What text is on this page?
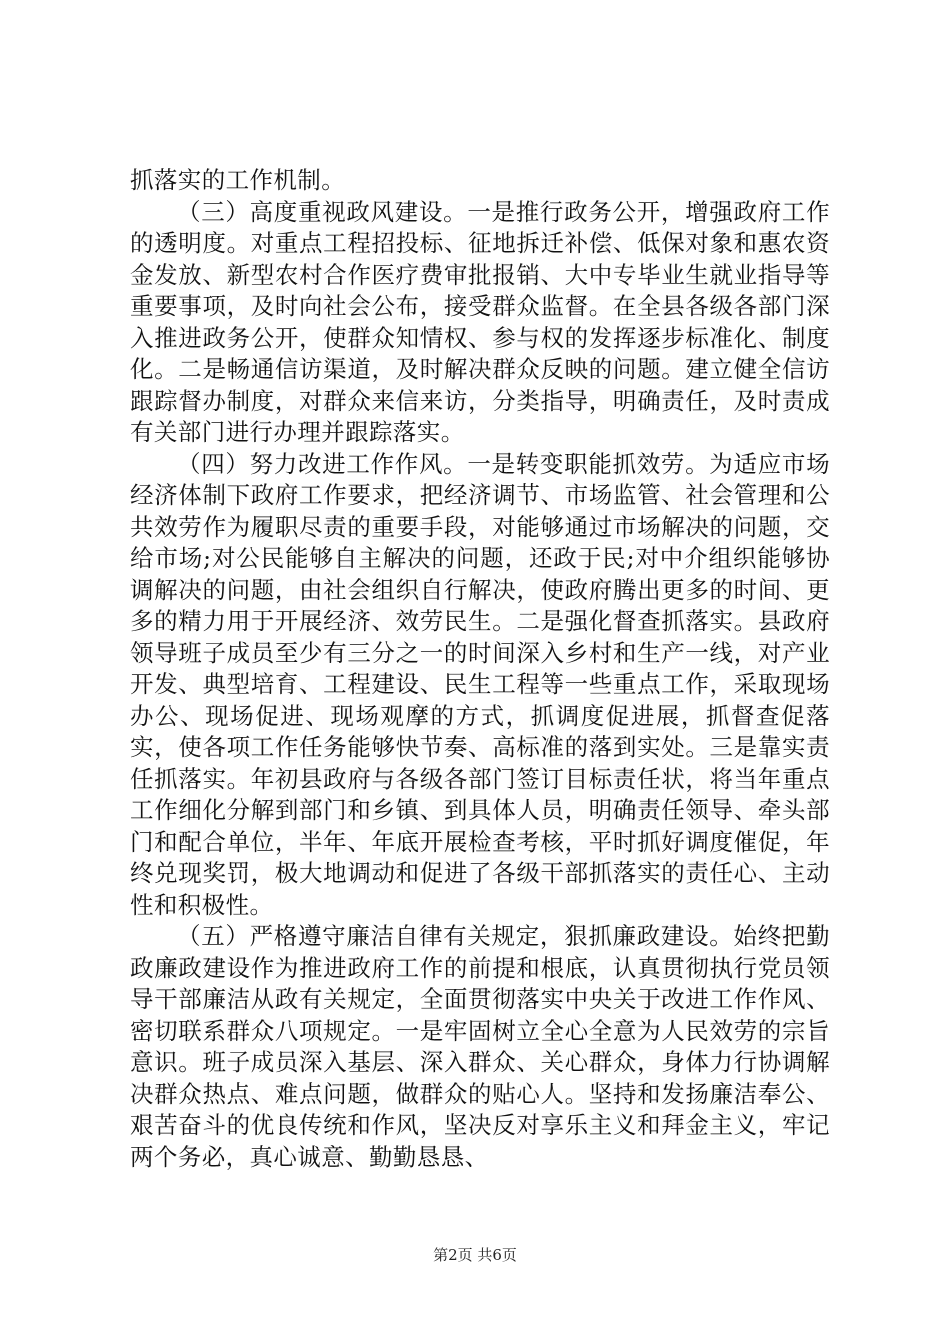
抓落实的工作机制。

（三）高度重视政风建设。一是推行政务公开，增强政府工作的透明度。对重点工程招投标、征地拆迁补偿、低保对象和惠农资金发放、新型农村合作医疗费审批报销、大中专毕业生就业指导等重要事项，及时向社会公布，接受群众监督。在全县各级各部门深入推进政务公开，使群众知情权、参与权的发挥逐步标准化、制度化。二是畅通信访渠道，及时解决群众反映的问题。建立健全信访跟踪督办制度，对群众来信来访，分类指导，明确责任，及时责成有关部门进行办理并跟踪落实。

（四）努力改进工作作风。一是转变职能抓效劳。为适应市场经济体制下政府工作要求，把经济调节、市场监管、社会管理和公共效劳作为履职尽责的重要手段，对能够通过市场解决的问题，交给市场;对公民能够自主解决的问题，还政于民;对中介组织能够协调解决的问题，由社会组织自行解决，使政府腾出更多的时间、更多的精力用于开展经济、效劳民生。二是强化督查抓落实。县政府领导班子成员至少有三分之一的时间深入乡村和生产一线，对产业开发、典型培育、工程建设、民生工程等一些重点工作，采取现场办公、现场促进、现场观摩的方式，抓调度促进展，抓督查促落实，使各项工作任务能够快节奏、高标准的落到实处。三是靠实责任抓落实。年初县政府与各级各部门签订目标责任状，将当年重点工作细化分解到部门和乡镇、到具体人员，明确责任领导、牵头部门和配合单位，半年、年底开展检查考核，平时抓好调度催促，年终兑现奖罚，极大地调动和促进了各级干部抓落实的责任心、主动性和积极性。

（五）严格遵守廉洁自律有关规定，狠抓廉政建设。始终把勤政廉政建设作为推进政府工作的前提和根底，认真贯彻执行党员领导干部廉洁从政有关规定，全面贯彻落实中央关于改进工作作风、密切联系群众八项规定。一是牢固树立全心全意为人民效劳的宗旨意识。班子成员深入基层、深入群众、关心群众，身体力行协调解决群众热点、难点问题，做群众的贴心人。坚持和发扬廉洁奉公、艰苦奋斗的优良传统和作风，坚决反对享乐主义和拜金主义，牢记两个务必，真心诚意、勤勤恳恳、

第2页 共6页
